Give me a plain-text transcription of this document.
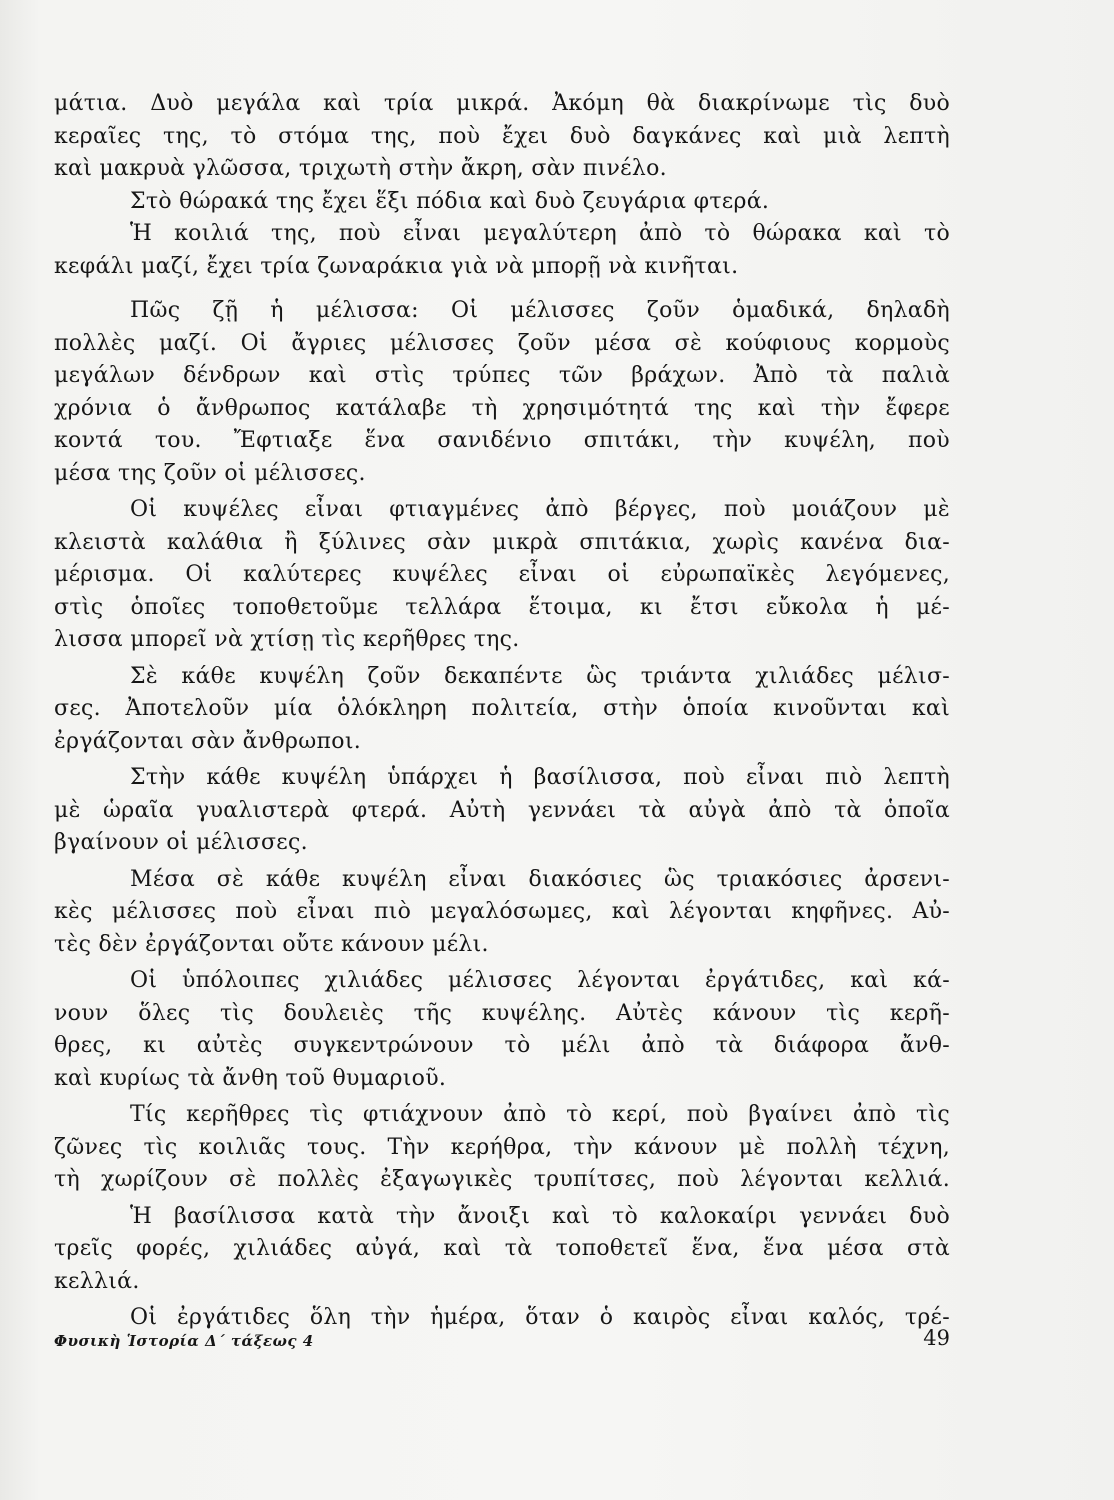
μάτια. Δυὸ μεγάλα καὶ τρία μικρά. Ἀκόμη θὰ διακρίνωμε τὶς δυὸ
κεραῖες της, τὸ στόμα της, ποὺ ἔχει δυὸ δαγκάνες καὶ μιὰ λεπτὴ
καὶ μακρυὰ γλῶσσα, τριχωτὴ στὴν ἄκρη, σὰν πινέλο.
Στὸ θώρακά της ἔχει ἕξι πόδια καὶ δυὸ ζευγάρια φτερά.
Ἡ κοιλιά της, ποὺ εἶναι μεγαλύτερη ἀπὸ τὸ θώρακα καὶ τὸ
κεφάλι μαζί, ἔχει τρία ζωναράκια γιὰ νὰ μπορῇ νὰ κινῆται.
Πῶς ζῇ ἡ μέλισσα: Οἱ μέλισσες ζοῦν ὁμαδικά, δηλαδὴ
πολλὲς μαζί. Οἱ ἄγριες μέλισσες ζοῦν μέσα σὲ κούφιους κορμοὺς
μεγάλων δένδρων καὶ στὶς τρύπες τῶν βράχων. Ἀπὸ τὰ παλιὰ
χρόνια ὁ ἄνθρωπος κατάλαβε τὴ χρησιμότητά της καὶ τὴν ἔφερε
κοντά του. Ἔφτιαξε ἕνα σανιδένιο σπιτάκι, τὴν κυψέλη, ποὺ
μέσα της ζοῦν οἱ μέλισσες.
Οἱ κυψέλες εἶναι φτιαγμένες ἀπὸ βέργες, ποὺ μοιάζουν μὲ
κλειστὰ καλάθια ἢ ξύλινες σὰν μικρὰ σπιτάκια, χωρὶς κανένα δια-
μέρισμα. Οἱ καλύτερες κυψέλες εἶναι οἱ εὐρωπαϊκὲς λεγόμενες,
στὶς ὁποῖες τοποθετοῦμε τελλάρα ἕτοιμα, κι ἔτσι εὔκολα ἡ μέ-
λισσα μπορεῖ νὰ χτίσῃ τὶς κερῆθρες της.
Σὲ κάθε κυψέλη ζοῦν δεκαπέντε ὣς τριάντα χιλιάδες μέλισ-
σες. Ἀποτελοῦν μία ὁλόκληρη πολιτεία, στὴν ὁποία κινοῦνται καὶ
ἐργάζονται σὰν ἄνθρωποι.
Στὴν κάθε κυψέλη ὑπάρχει ἡ βασίλισσα, ποὺ εἶναι πιὸ λεπτὴ
μὲ ὡραῖα γυαλιστερὰ φτερά. Αὐτὴ γεννάει τὰ αὐγὰ ἀπὸ τὰ ὁποῖα
βγαίνουν οἱ μέλισσες.
Μέσα σὲ κάθε κυψέλη εἶναι διακόσιες ὣς τριακόσιες ἀρσενι-
κὲς μέλισσες ποὺ εἶναι πιὸ μεγαλόσωμες, καὶ λέγονται κηφῆνες. Αὐ-
τὲς δὲν ἐργάζονται οὔτε κάνουν μέλι.
Οἱ ὑπόλοιπες χιλιάδες μέλισσες λέγονται ἐργάτιδες, καὶ κά-
νουν ὅλες τὶς δουλειὲς τῆς κυψέλης. Αὐτὲς κάνουν τὶς κερῆ-
θρες, κι αὐτὲς συγκεντρώνουν τὸ μέλι ἀπὸ τὰ διάφορα ἄνθ-
καὶ κυρίως τὰ ἄνθη τοῦ θυμαριοῦ.
Τίς κερῆθρες τὶς φτιάχνουν ἀπὸ τὸ κερί, ποὺ βγαίνει ἀπὸ τὶς
ζῶνες τὶς κοιλιᾶς τους. Τὴν κερήθρα, τὴν κάνουν μὲ πολλὴ τέχνη,
τὴ χωρίζουν σὲ πολλὲς ἐξαγωγικὲς τρυπίτσες, ποὺ λέγονται κελλιά.
Ἡ βασίλισσα κατὰ τὴν ἄνοιξι καὶ τὸ καλοκαίρι γεννάει δυὸ
τρεῖς φορές, χιλιάδες αὐγά, καὶ τὰ τοποθετεῖ ἕνα, ἕνα μέσα στὰ
κελλιά.
Οἱ ἐργάτιδες ὅλη τὴν ἡμέρα, ὅταν ὁ καιρὸς εἶναι καλός, τρέ-
Φυσικὴ Ἱστορία Δ΄ τάξεως 4	49
